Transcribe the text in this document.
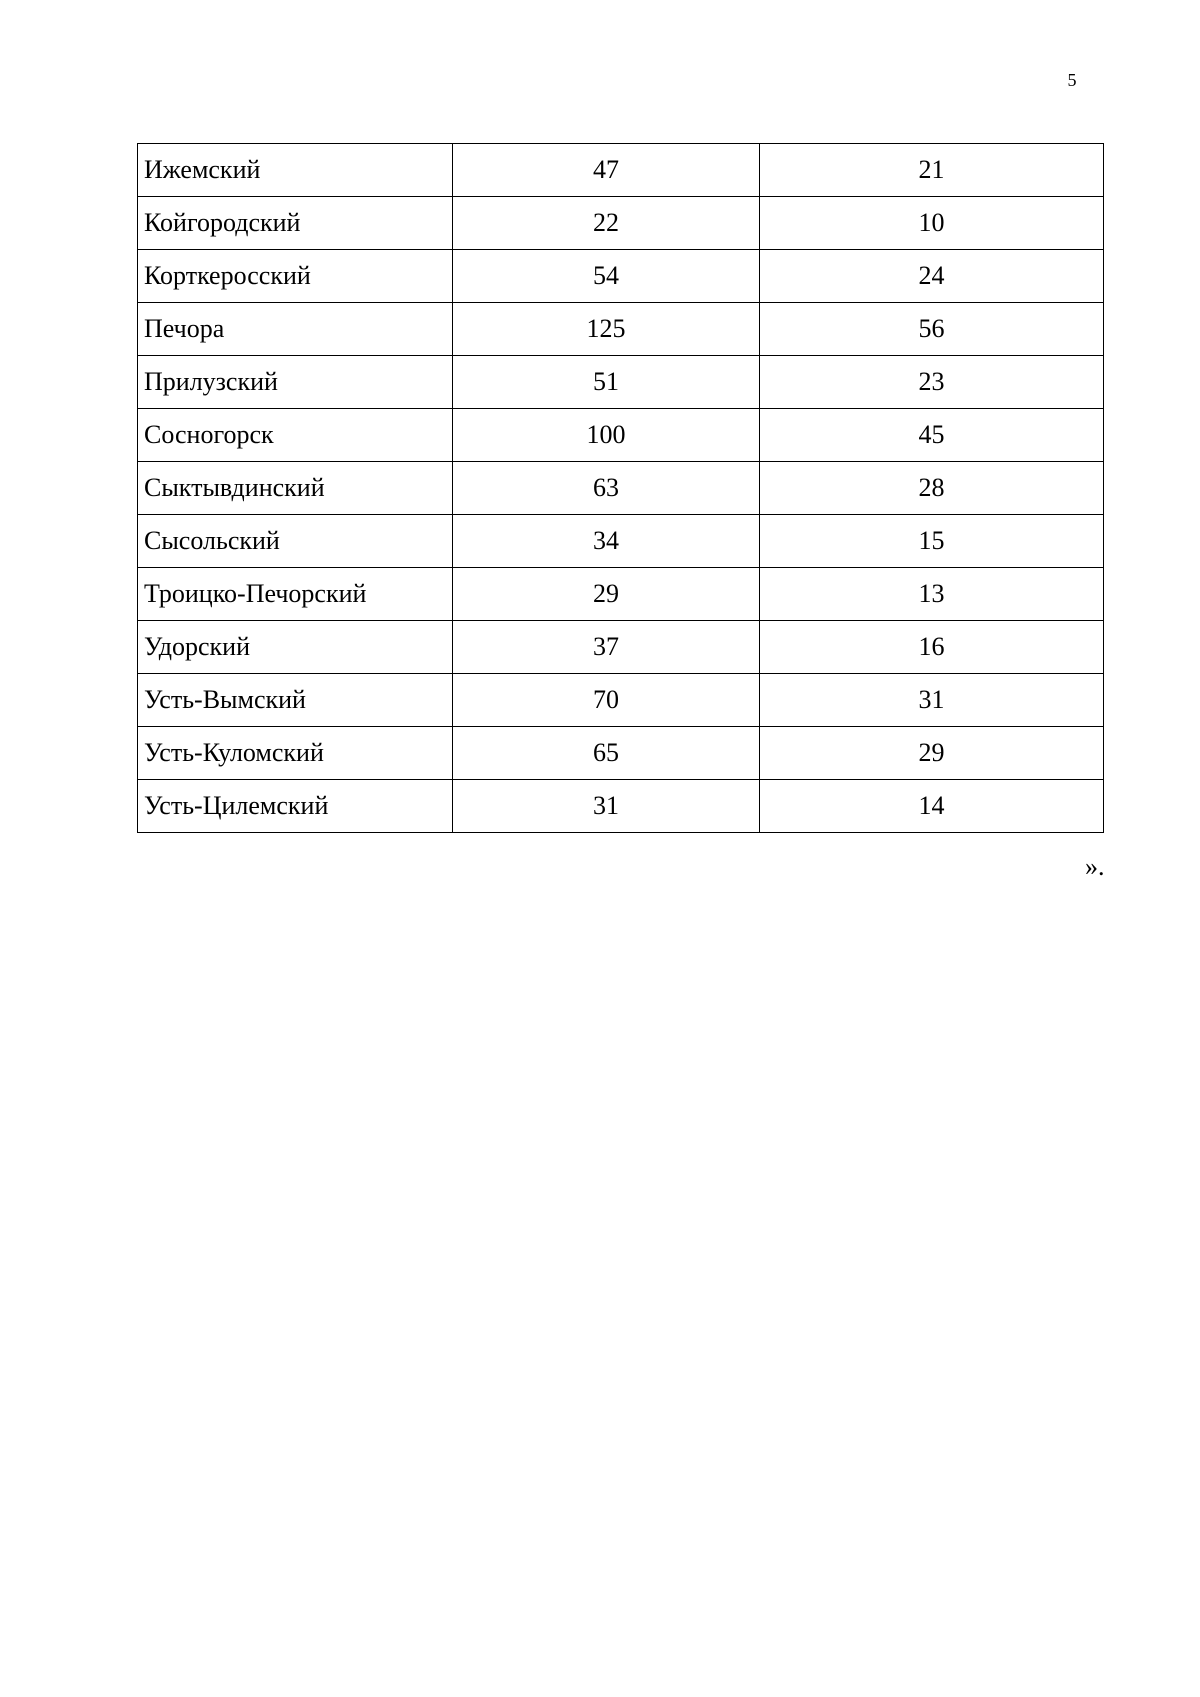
5
Ижемский	47	21
Койгородский	22	10
Корткеросский	54	24
Печора	125	56
Прилузский	51	23
Сосногорск	100	45
Сыктывдинский	63	28
Сысольский	34	15
Троицко-Печорский	29	13
Удорский	37	16
Усть-Вымский	70	31
Усть-Куломский	65	29
Усть-Цилемский	31	14
».
